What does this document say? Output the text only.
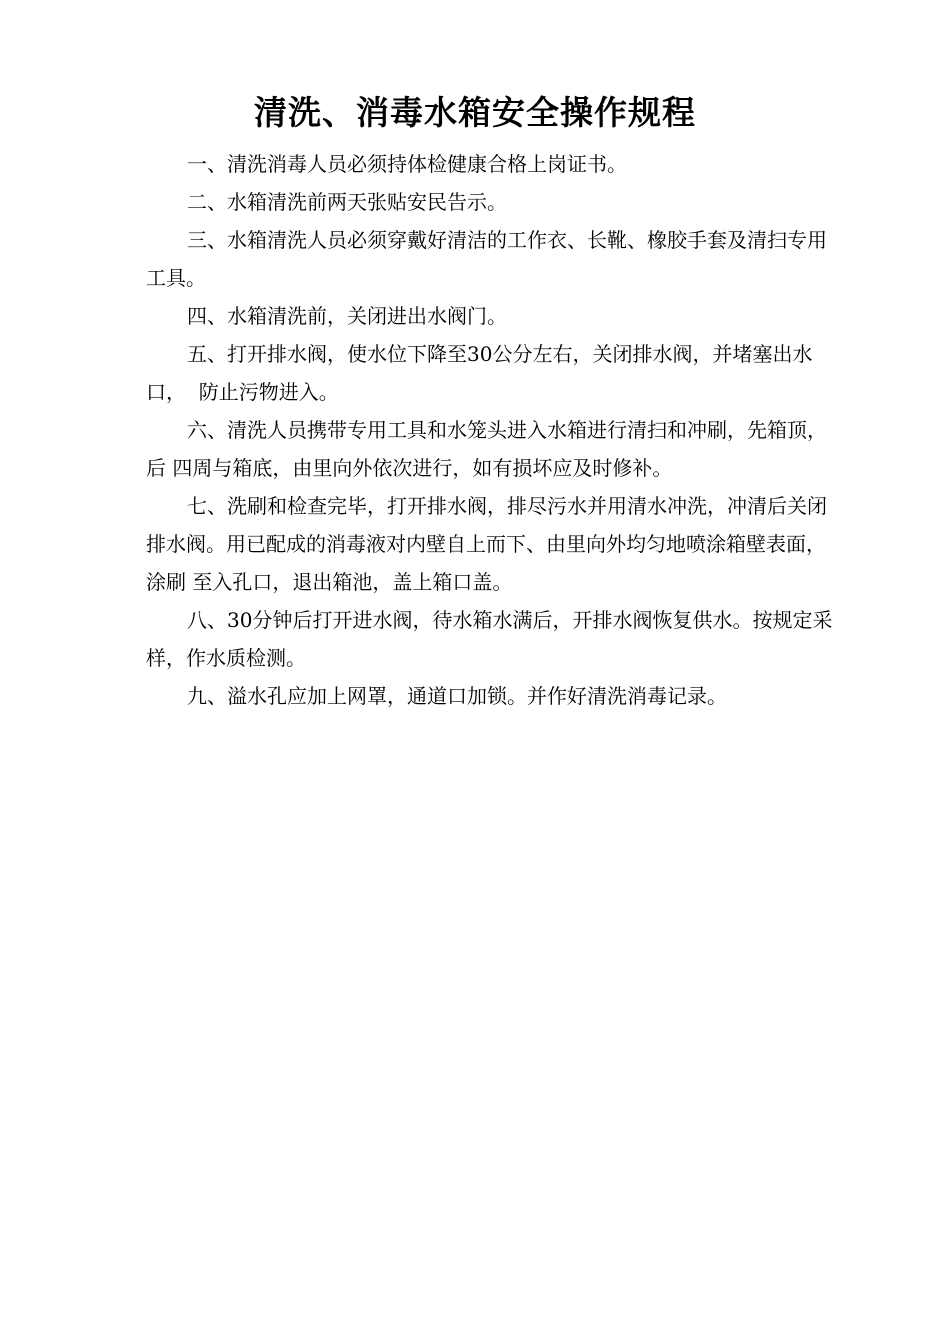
清洗、消毒水箱安全操作规程

一、清洗消毒人员必须持体检健康合格上岗证书。

二、水箱清洗前两天张贴安民告示。

三、水箱清洗人员必须穿戴好清洁的工作衣、长靴、橡胶手套及清扫专用工具。

四、水箱清洗前，关闭进出水阀门。

五、打开排水阀，使水位下降至30公分左右，关闭排水阀，并堵塞出水口，  防止污物进入。

六、清洗人员携带专用工具和水笼头进入水箱进行清扫和冲刷，先箱顶，后 四周与箱底，由里向外依次进行，如有损坏应及时修补。

七、洗刷和检查完毕，打开排水阀，排尽污水并用清水冲洗，冲清后关闭排水阀。用已配成的消毒液对内壁自上而下、由里向外均匀地喷涂箱壁表面，涂刷 至入孔口，退出箱池，盖上箱口盖。

八、30分钟后打开进水阀，待水箱水满后，开排水阀恢复供水。按规定采样，作水质检测。

九、溢水孔应加上网罩，通道口加锁。并作好清洗消毒记录。
